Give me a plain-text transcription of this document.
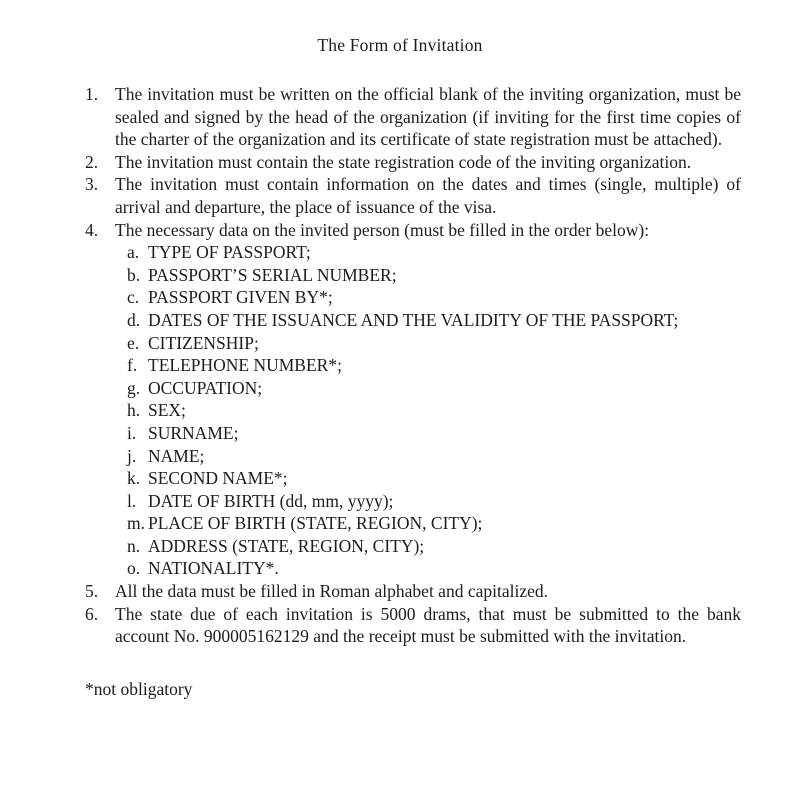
The Form of Invitation
1. The invitation must be written on the official blank of the inviting organization, must be sealed and signed by the head of the organization (if inviting for the first time copies of the charter of the organization and its certificate of state registration must be attached).
2. The invitation must contain the state registration code of the inviting organization.
3. The invitation must contain information on the dates and times (single, multiple) of arrival and departure, the place of issuance of the visa.
4. The necessary data on the invited person (must be filled in the order below):
a. TYPE OF PASSPORT;
b. PASSPORT’S SERIAL NUMBER;
c. PASSPORT GIVEN BY*;
d. DATES OF THE ISSUANCE AND THE VALIDITY OF THE PASSPORT;
e. CITIZENSHIP;
f. TELEPHONE NUMBER*;
g. OCCUPATION;
h. SEX;
i. SURNAME;
j. NAME;
k. SECOND NAME*;
l. DATE OF BIRTH (dd, mm, yyyy);
m. PLACE OF BIRTH (STATE, REGION, CITY);
n. ADDRESS (STATE, REGION, CITY);
o. NATIONALITY*.
5. All the data must be filled in Roman alphabet and capitalized.
6. The state due of each invitation is 5000 drams, that must be submitted to the bank account No. 900005162129 and the receipt must be submitted with the invitation.
*not obligatory
